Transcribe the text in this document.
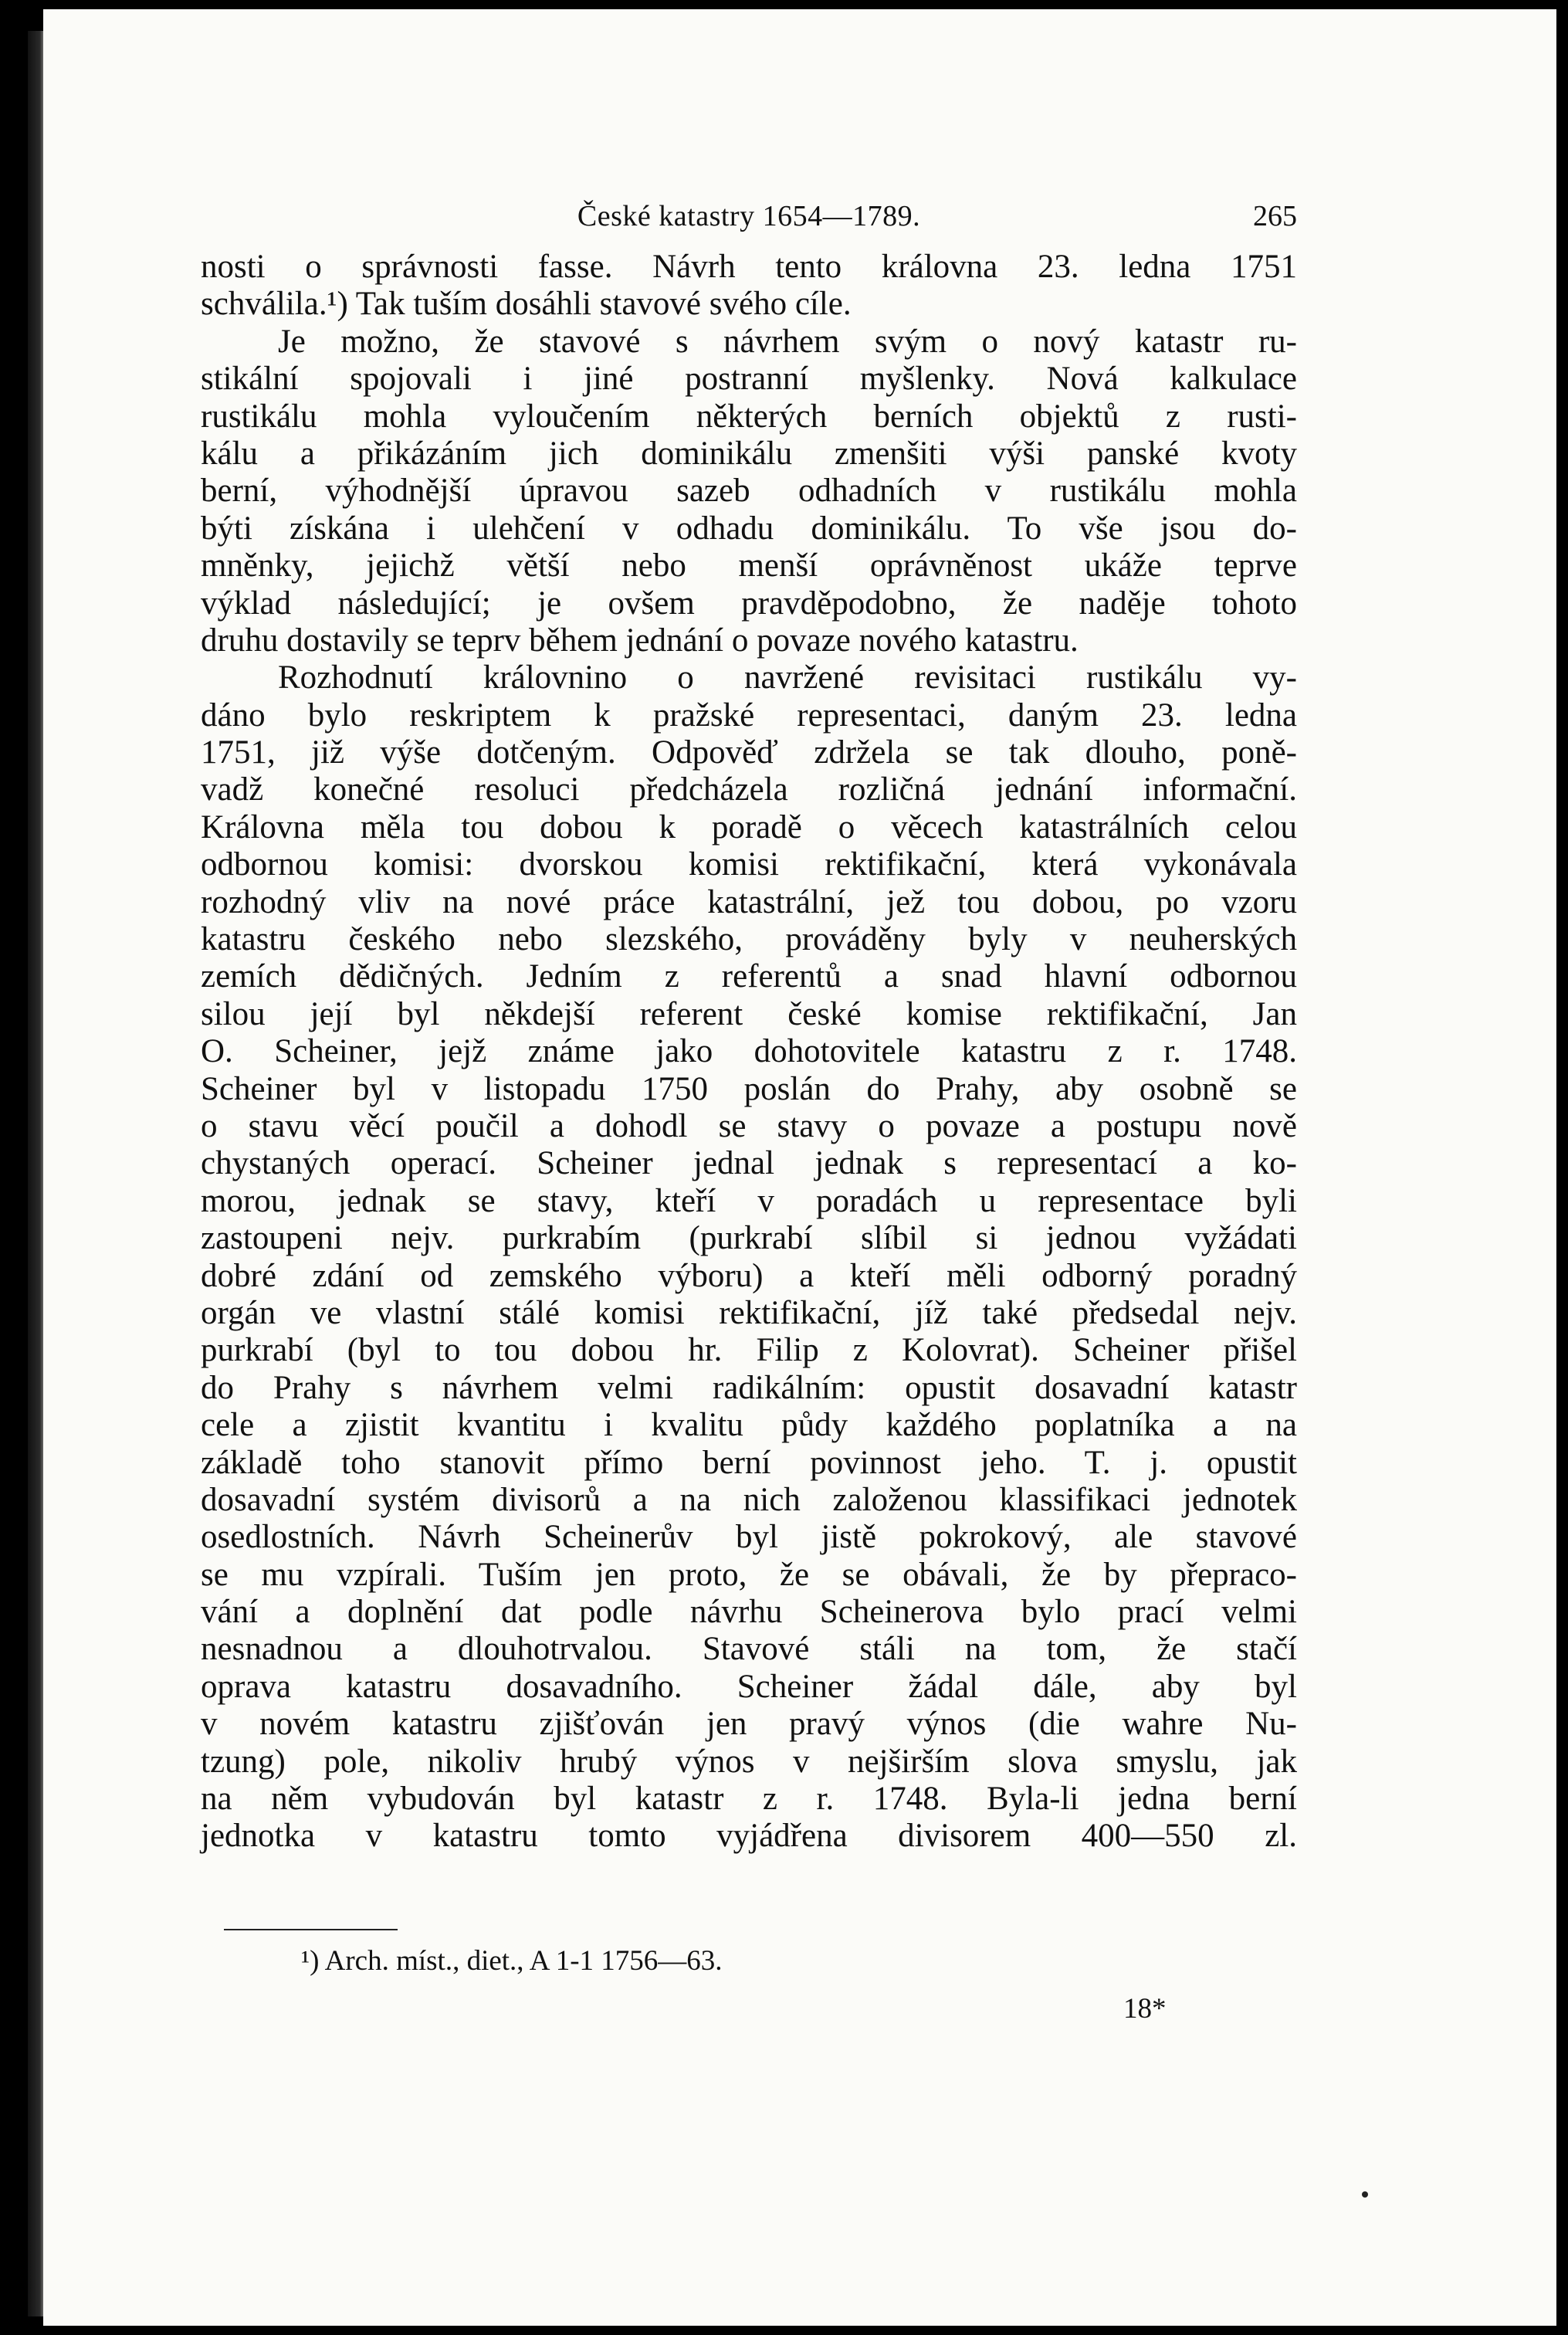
České katastry 1654—1789.	265
nosti o správnosti fasse. Návrh tento královna 23. ledna 1751
schválila.¹) Tak tuším dosáhli stavové svého cíle.
Je možno, že stavové s návrhem svým o nový katastr ru-
stikální spojovali i jiné postranní myšlenky. Nová kalkulace
rustikálu mohla vyloučením některých berních objektů z rusti-
kálu a přikázáním jich dominikálu zmenšiti výši panské kvoty
berní, výhodnější úpravou sazeb odhadních v rustikálu mohla
býti získána i ulehčení v odhadu dominikálu. To vše jsou do-
mněnky, jejichž větší nebo menší oprávněnost ukáže teprve
výklad následující; je ovšem pravděpodobno, že naděje tohoto
druhu dostavily se teprv během jednání o povaze nového katastru.
Rozhodnutí královnino o navržené revisitaci rustikálu vy-
dáno bylo reskriptem k pražské representaci, daným 23. ledna
1751, již výše dotčeným. Odpověď zdržela se tak dlouho, poně-
vadž konečné resoluci předcházela rozličná jednání informační.
Královna měla tou dobou k poradě o věcech katastrálních celou
odbornou komisi: dvorskou komisi rektifikační, která vykonávala
rozhodný vliv na nové práce katastrální, jež tou dobou, po vzoru
katastru českého nebo slezského, prováděny byly v neuherských
zemích dědičných. Jedním z referentů a snad hlavní odbornou
silou její byl někdejší referent české komise rektifikační, Jan
O. Scheiner, jejž známe jako dohotovitele katastru z r. 1748.
Scheiner byl v listopadu 1750 poslán do Prahy, aby osobně se
o stavu věcí poučil a dohodl se stavy o povaze a postupu nově
chystaných operací. Scheiner jednal jednak s representací a ko-
morou, jednak se stavy, kteří v poradách u representace byli
zastoupeni nejv. purkrabím (purkrabí slíbil si jednou vyžádati
dobré zdání od zemského výboru) a kteří měli odborný poradný
orgán ve vlastní stálé komisi rektifikační, jíž také předsedal nejv.
purkrabí (byl to tou dobou hr. Filip z Kolovrat). Scheiner přišel
do Prahy s návrhem velmi radikálním: opustit dosavadní katastr
cele a zjistit kvantitu i kvalitu půdy každého poplatníka a na
základě toho stanovit přímo berní povinnost jeho. T. j. opustit
dosavadní systém divisorů a na nich založenou klassifikaci jednotek
osedlostních. Návrh Scheinerův byl jistě pokrokový, ale stavové
se mu vzpírali. Tuším jen proto, že se obávali, že by přepraco-
vání a doplnění dat podle návrhu Scheinerova bylo prací velmi
nesnadnou a dlouhotrvalou. Stavové stáli na tom, že stačí
oprava katastru dosavadního. Scheiner žádal dále, aby byl
v novém katastru zjišťován jen pravý výnos (die wahre Nu-
tzung) pole, nikoliv hrubý výnos v nejširším slova smyslu, jak
na něm vybudován byl katastr z r. 1748. Byla-li jedna berní
jednotka v katastru tomto vyjádřena divisorem 400—550 zl.
¹) Arch. míst., diet., A 1-1 1756—63.
18*
